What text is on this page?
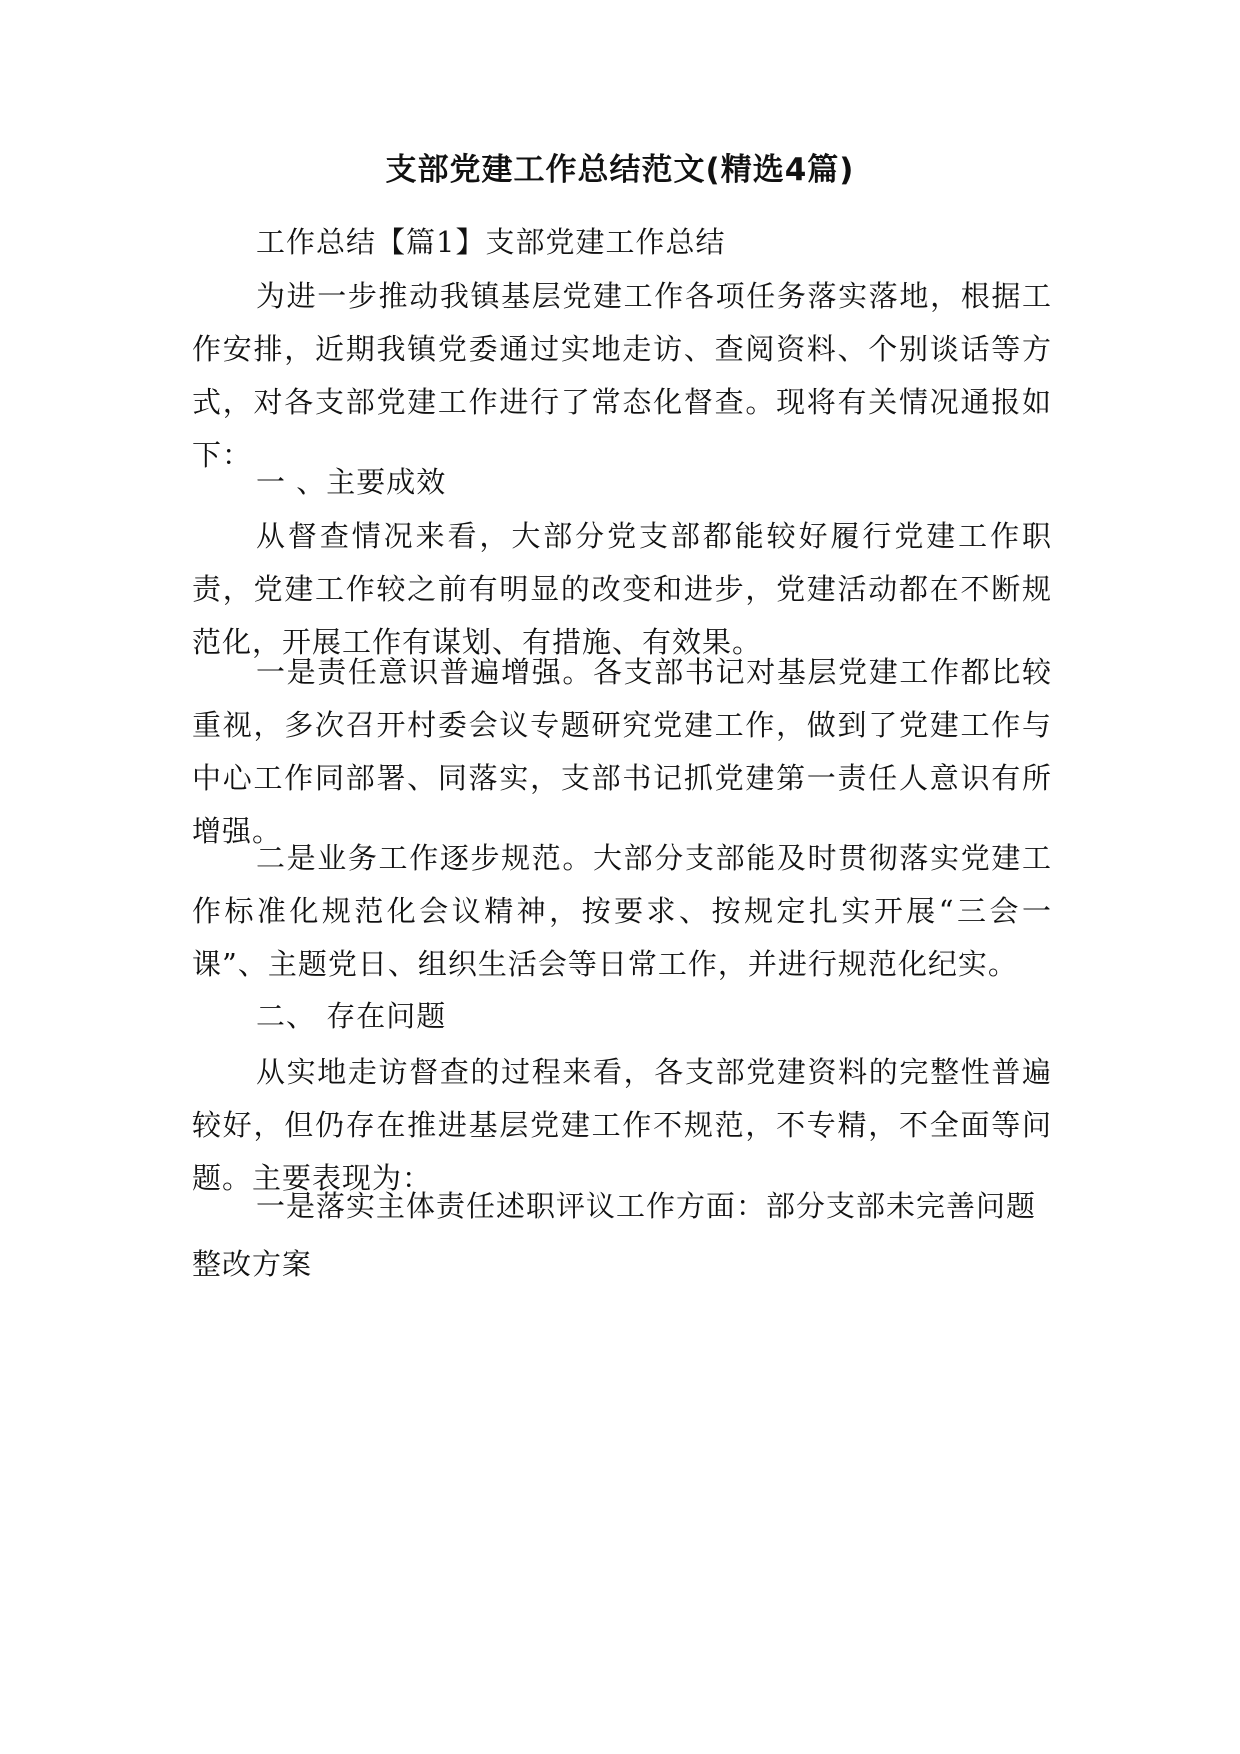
支部党建工作总结范文(精选4篇)
工作总结【篇1】支部党建工作总结
为进一步推动我镇基层党建工作各项任务落实落地，根据工作安排，近期我镇党委通过实地走访、查阅资料、个别谈话等方式，对各支部党建工作进行了常态化督查。现将有关情况通报如下：
一 、主要成效
从督查情况来看，大部分党支部都能较好履行党建工作职责，党建工作较之前有明显的改变和进步，党建活动都在不断规范化，开展工作有谋划、有措施、有效果。
一是责任意识普遍增强。各支部书记对基层党建工作都比较重视，多次召开村委会议专题研究党建工作，做到了党建工作与中心工作同部署、同落实，支部书记抓党建第一责任人意识有所增强。
二是业务工作逐步规范。大部分支部能及时贯彻落实党建工作标准化规范化会议精神，按要求、按规定扎实开展“三会一课”、主题党日、组织生活会等日常工作，并进行规范化纪实。
二、 存在问题
从实地走访督查的过程来看，各支部党建资料的完整性普遍较好，但仍存在推进基层党建工作不规范，不专精，不全面等问题。主要表现为：
一是落实主体责任述职评议工作方面：部分支部未完善问题
整改方案
